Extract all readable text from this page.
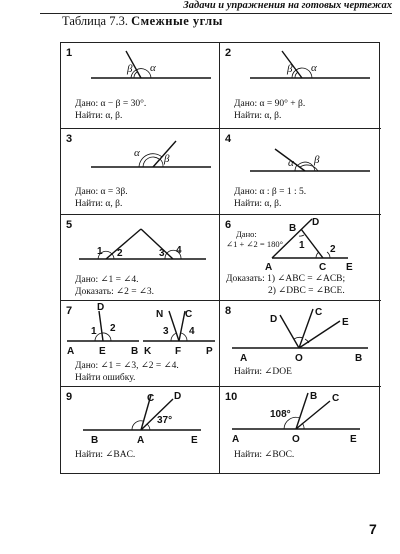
Задачи и упражнения на готовых чертежах
Таблица 7.3. Смежные углы
1
β α
Дано: α − β = 30°.
Найти: α, β.
2
β α
Дано: α = 90° + β.
Найти: α, β.
3
α β
Дано: α = 3β.
Найти: α, β.
4
α β
Дано: α : β = 1 : 5.
Найти: α, β.
5
1 2	3 4
Дано: ∠1 = ∠4.
Доказать: ∠2 = ∠3.
6
Дано:
∠1 + ∠2 = 180°.
D
B
1	2
A	C E
Доказать: 1) ∠ABC = ∠ACB;
2) ∠DBC = ∠BCE.
7 D
1 2
A E	B
N C
3 4
K F P
Дано: ∠1 = ∠3, ∠2 = ∠4.
Найти ошибку.
8
D
C
E
A	O	B
Найти: ∠DOE
9	C D
37°
B	A	E
Найти: ∠BAC.
10	B C
108°
A	O	E
Найти: ∠BOC.
7
